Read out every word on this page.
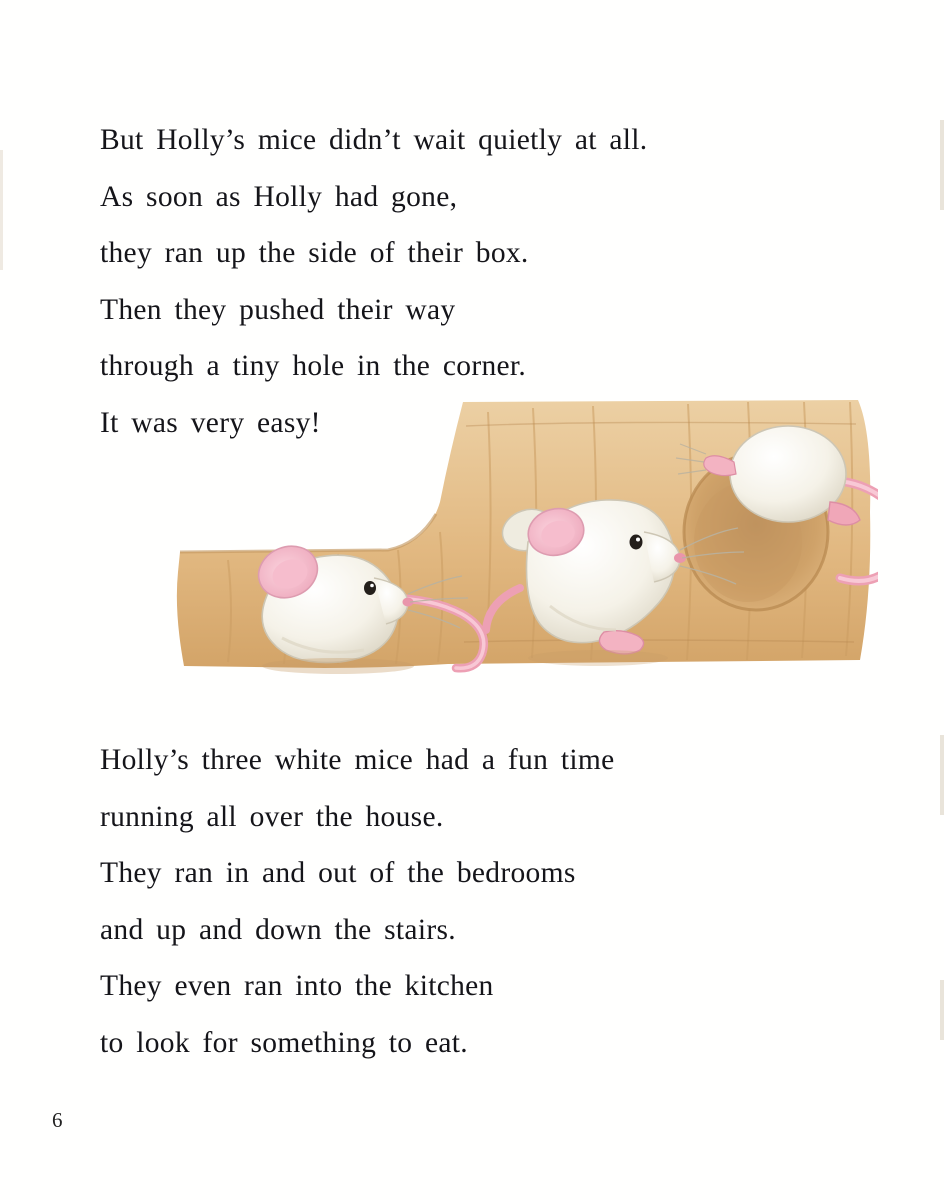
But Holly’s mice didn’t wait quietly at all.
As soon as Holly had gone,
they ran up the side of their box.
Then they pushed their way
through a tiny hole in the corner.
It was very easy!
Holly’s three white mice had a fun time
running all over the house.
They ran in and out of the bedrooms
and up and down the stairs.
They even ran into the kitchen
to look for something to eat.
6
